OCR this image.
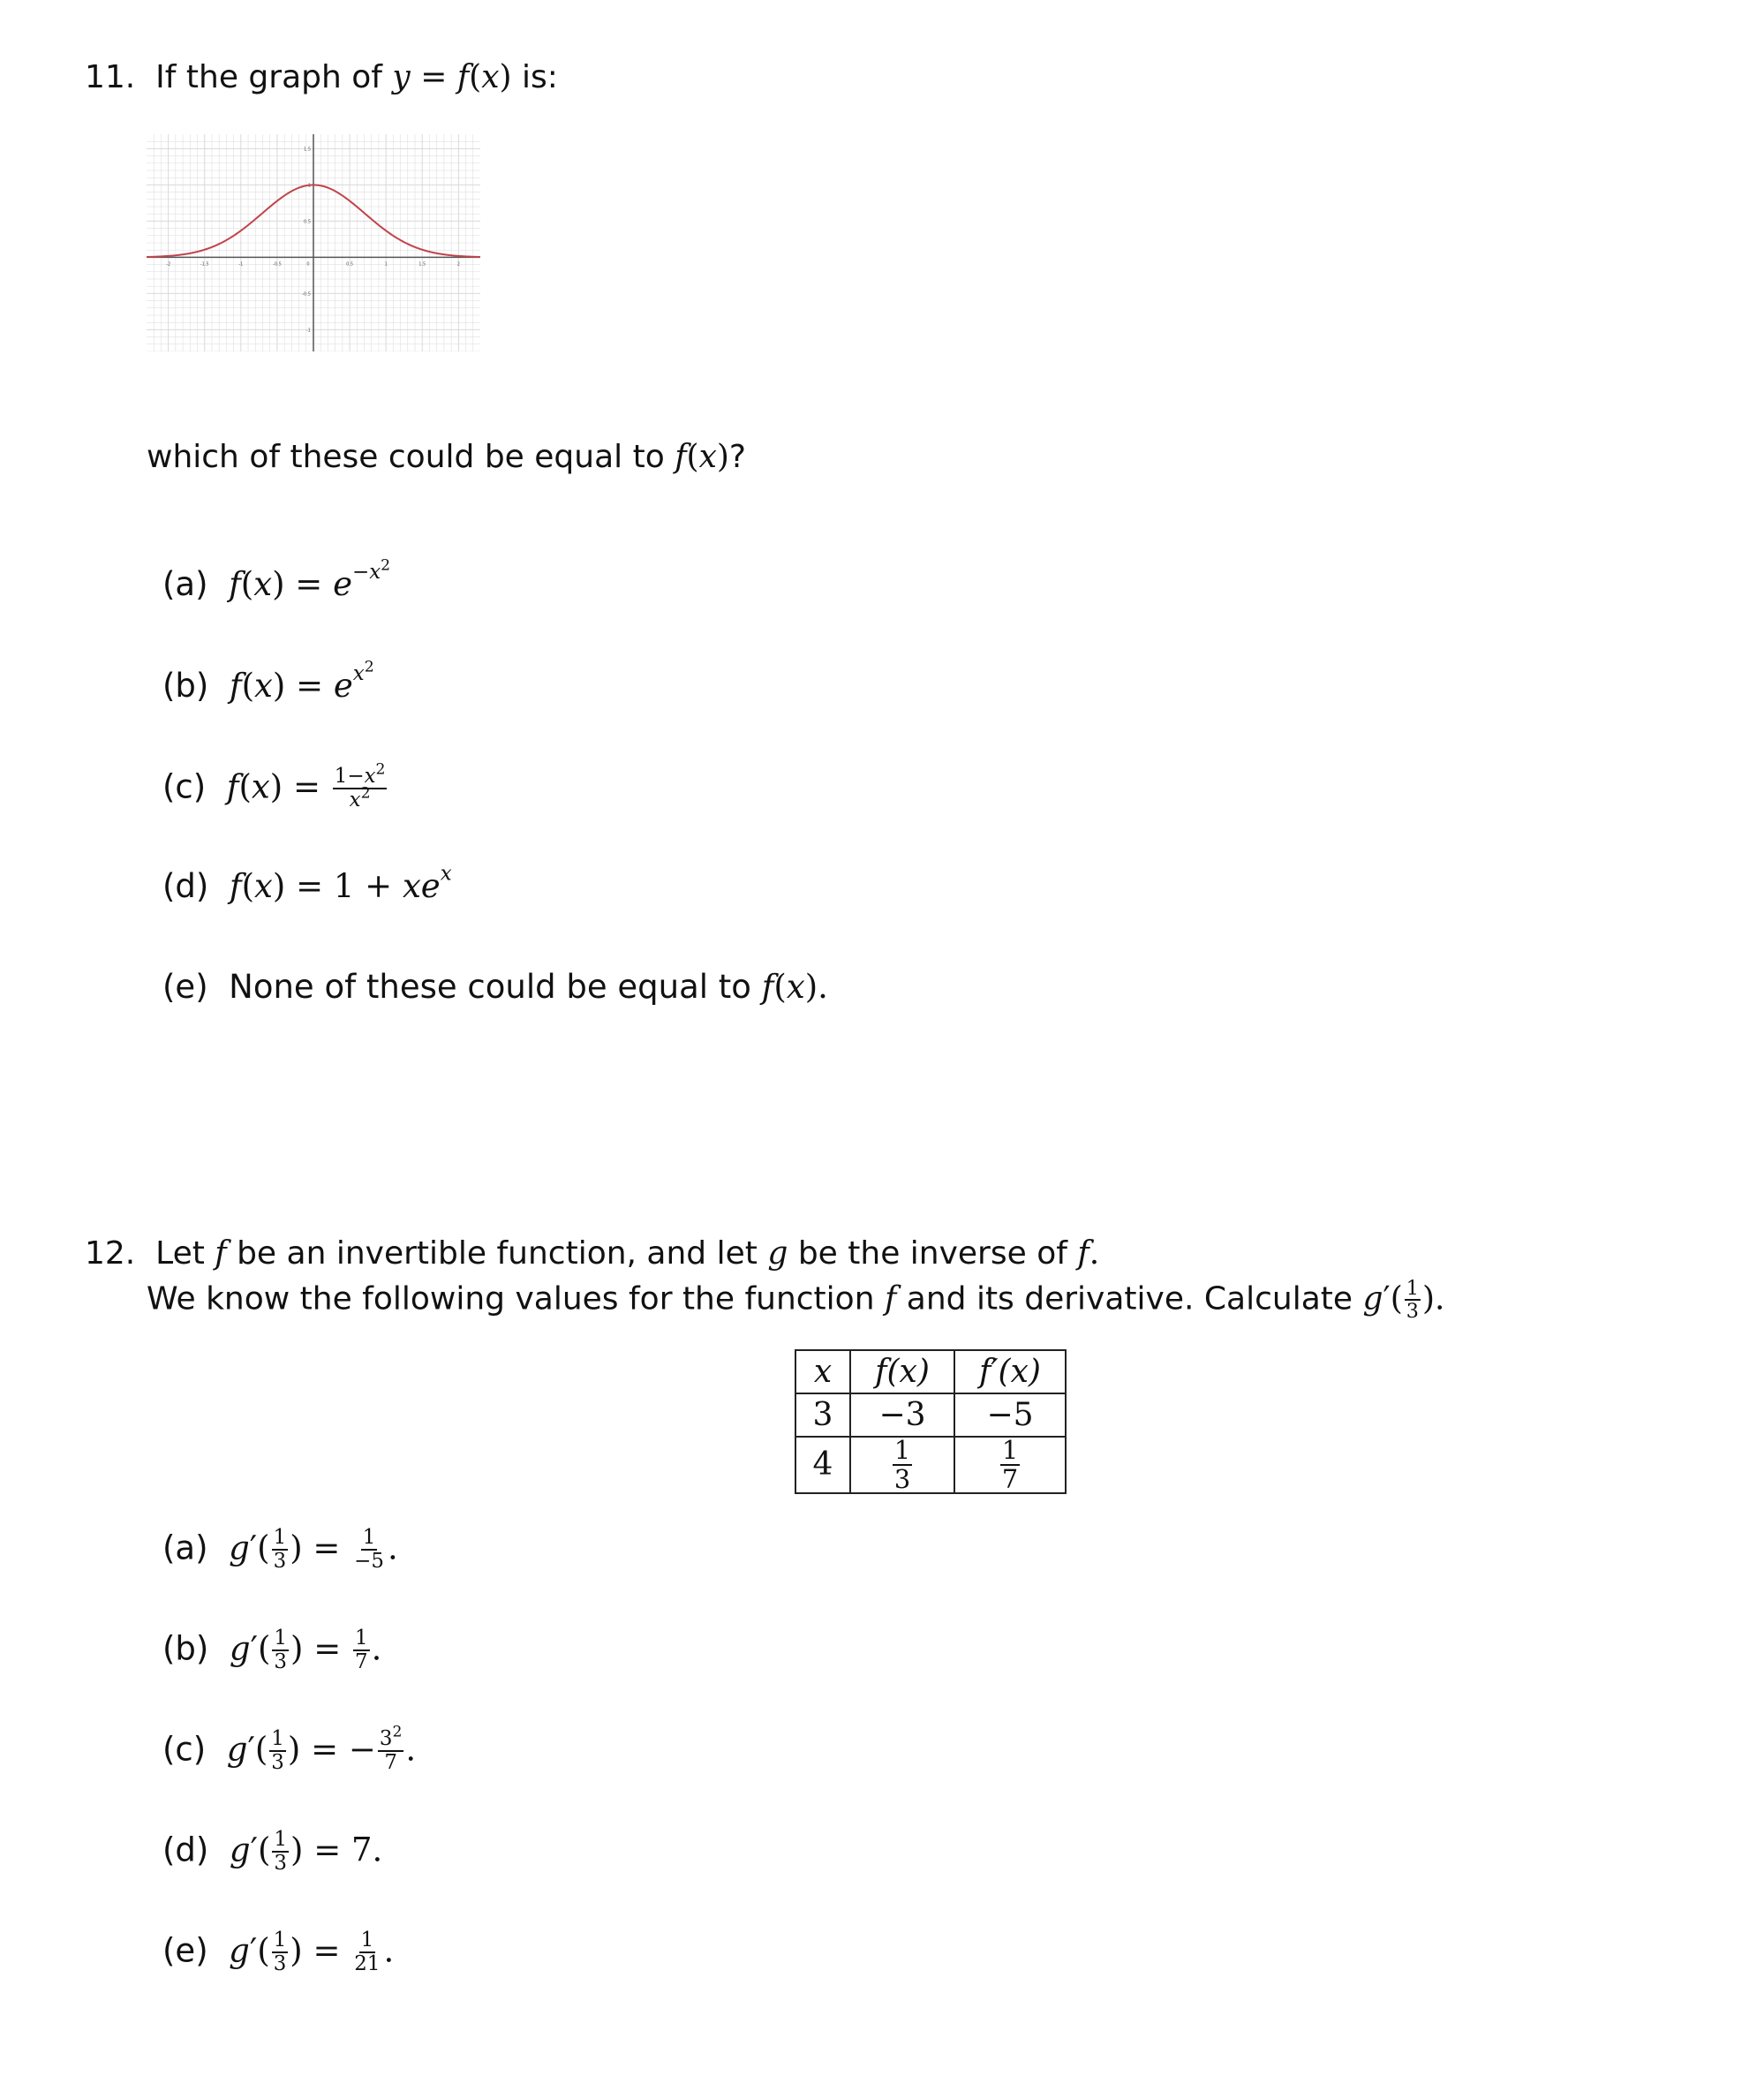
11. If the graph of y = f(x) is:
-2	-1.5	-1	-0.5	0	0.5	1	1.5	2
1.5
1
0.5
-0.5
-1
which of these could be equal to f(x)?
(a) $f(x) = e^{-x^2}$
(b) $f(x) = e^{x^2}$
(c) $f(x) = \frac{1-x^2}{x^2}$
(d) $f(x) = 1 + xe^x$
(e) None of these could be equal to f(x).
12. Let f be an invertible function, and let g be the inverse of f.
We know the following values for the function f and its derivative. Calculate $g'( \frac{1}{3}$ ).
x	f(x)	f′(x)
3	−3	−5
4	$\frac{1}{3}$	$\frac{1}{7}$
(a) $g'( \frac{1}{3}$ ) = $\frac{1}{-5}$ .
(b) $g'( \frac{1}{3}$ ) = $\frac{1}{7}$ .
(c) $g'( \frac{1}{3}$ ) = − $\frac{3^2}{7}$ .
(d) $g'( \frac{1}{3}$ ) = 7.
(e) $g'( \frac{1}{3}$ ) = $\frac{1}{21}$ .
